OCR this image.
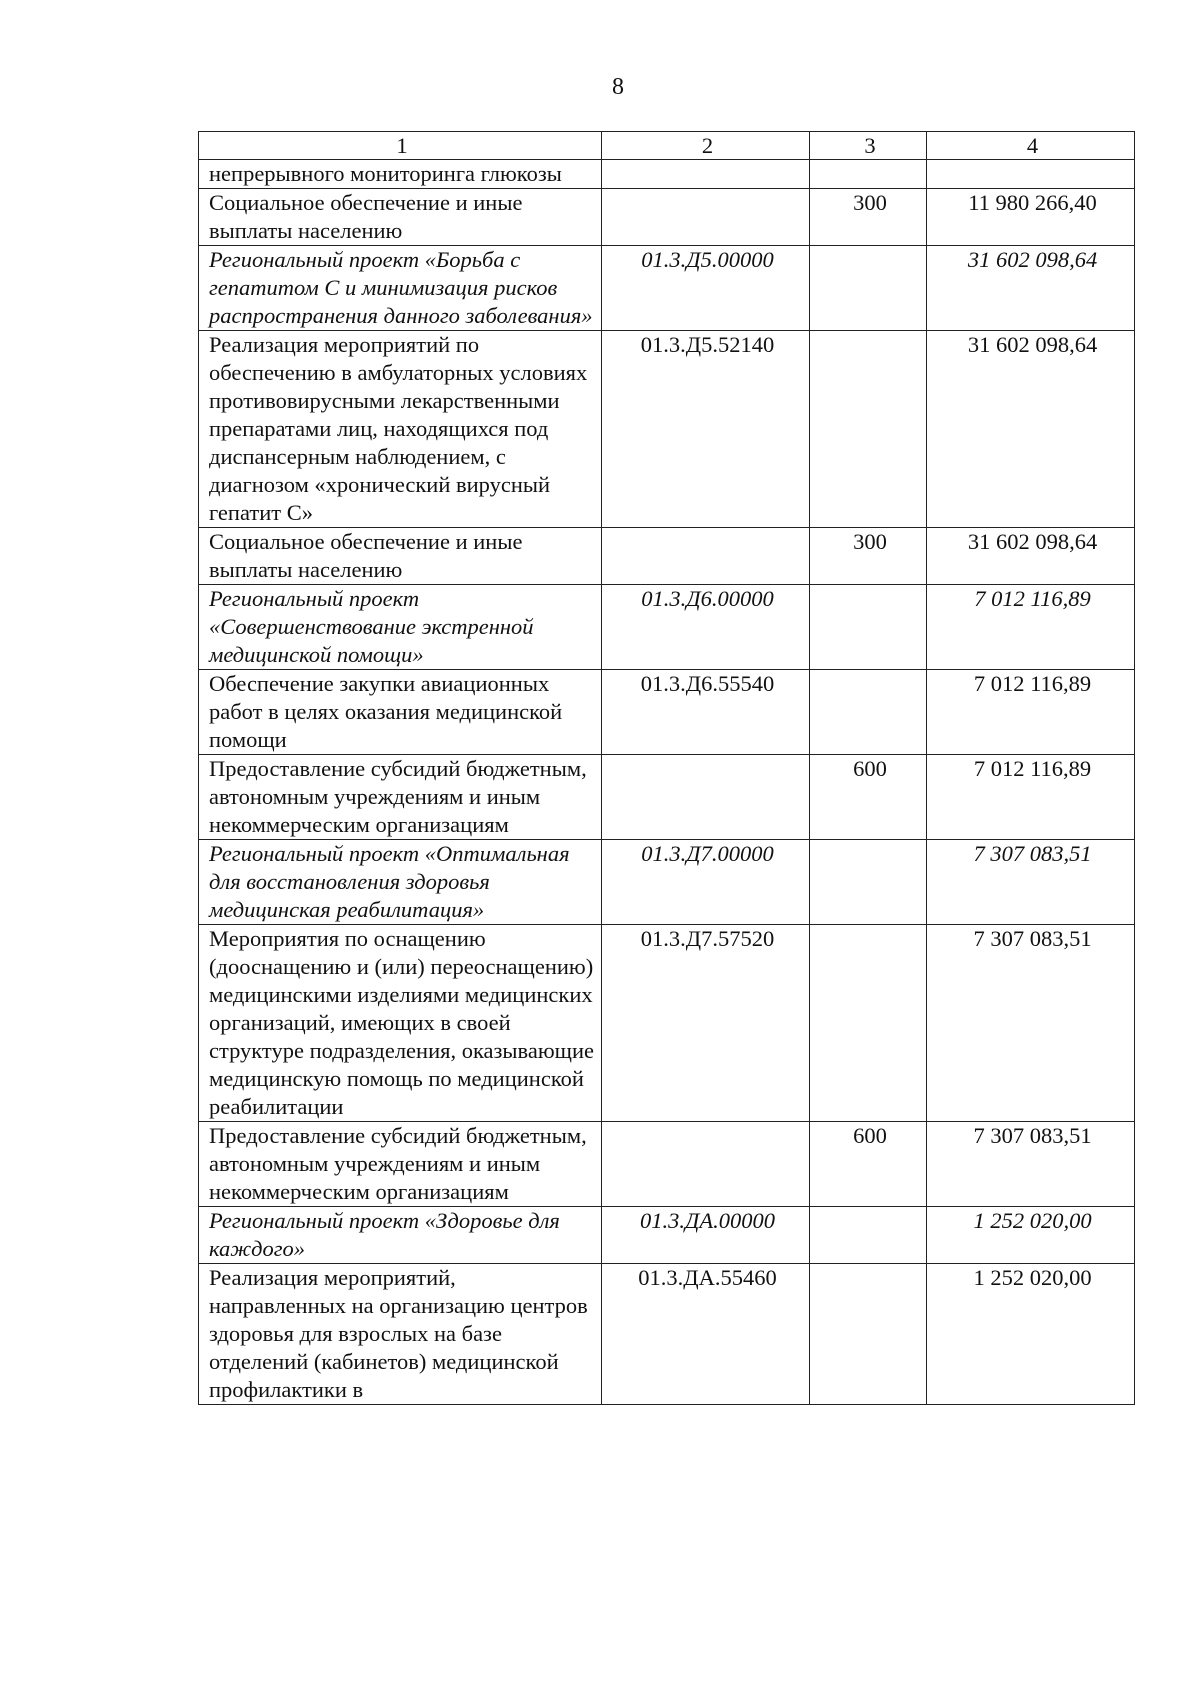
8
1	2	3	4
непрерывного мониторинга глюкозы			
Социальное обеспечение и иные выплаты населению		300	11 980 266,40
Региональный проект «Борьба с гепатитом С и минимизация рисков распространения данного заболевания»	01.3.Д5.00000		31 602 098,64
Реализация мероприятий по обеспечению в амбулаторных условиях противовирусными лекарственными препаратами лиц, находящихся под диспансерным наблюдением, с диагнозом «хронический вирусный гепатит С»	01.3.Д5.52140		31 602 098,64
Социальное обеспечение и иные выплаты населению		300	31 602 098,64
Региональный проект «Совершенствование экстренной медицинской помощи»	01.3.Д6.00000		7 012 116,89
Обеспечение закупки авиационных работ в целях оказания медицинской помощи	01.3.Д6.55540		7 012 116,89
Предоставление субсидий бюджетным, автономным учреждениям и иным некоммерческим организациям		600	7 012 116,89
Региональный проект «Оптимальная для восстановления здоровья медицинская реабилитация»	01.3.Д7.00000		7 307 083,51
Мероприятия по оснащению (дооснащению и (или) переоснащению) медицинскими изделиями медицинских организаций, имеющих в своей структуре подразделения, оказывающие медицинскую помощь по медицинской реабилитации	01.3.Д7.57520		7 307 083,51
Предоставление субсидий бюджетным, автономным учреждениям и иным некоммерческим организациям		600	7 307 083,51
Региональный проект «Здоровье для каждого»	01.3.ДА.00000		1 252 020,00
Реализация мероприятий, направленных на организацию центров здоровья для взрослых на базе отделений (кабинетов) медицинской профилактики в	01.3.ДА.55460		1 252 020,00
